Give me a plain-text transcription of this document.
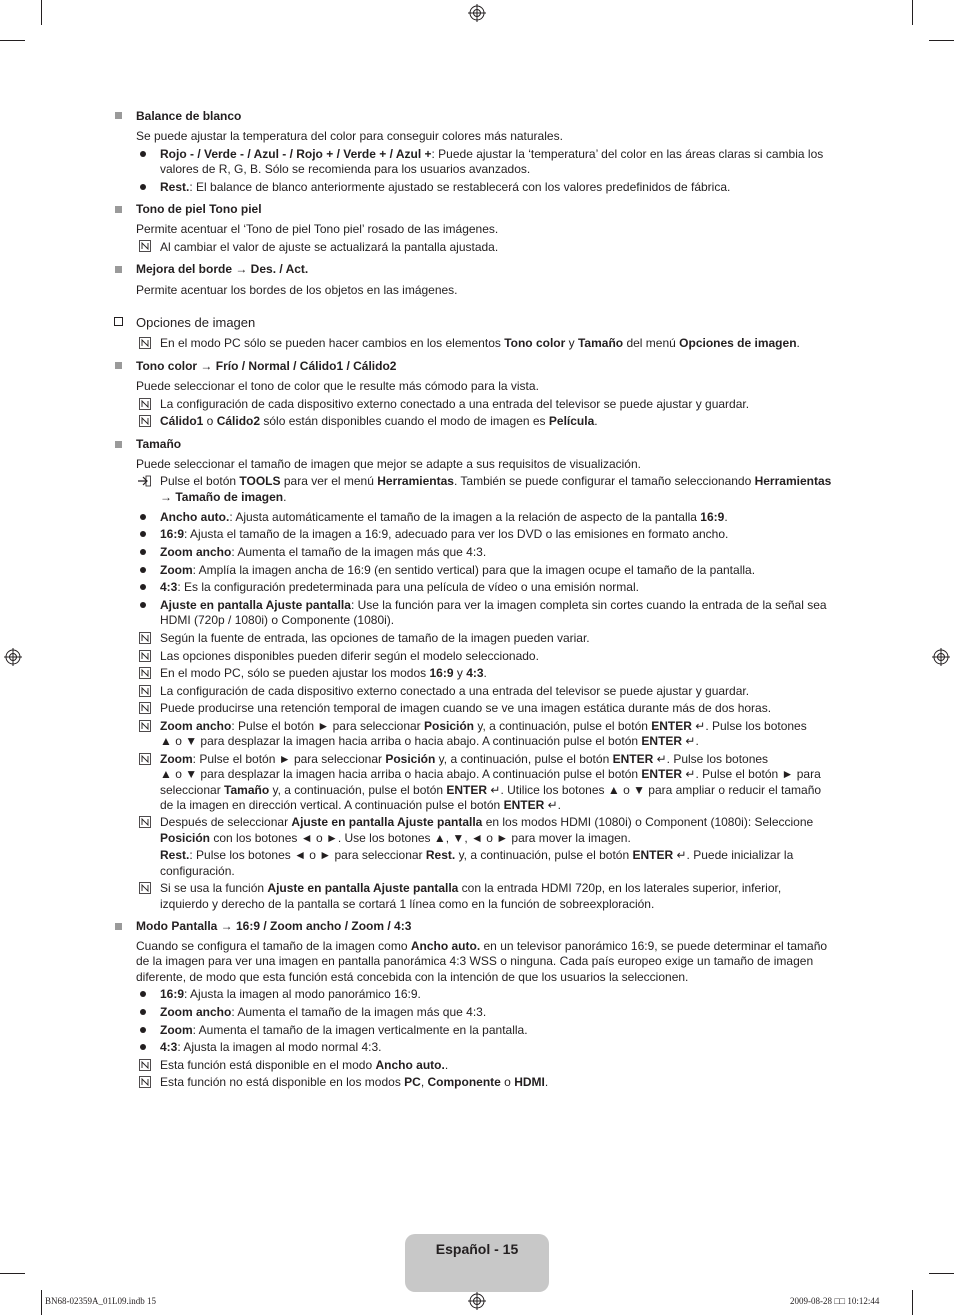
Balance de blanco
Se puede ajustar la temperatura del color para conseguir colores más naturales.
Rojo - / Verde - / Azul - / Rojo + / Verde + / Azul +: Puede ajustar la ‘temperatura’ del color en las áreas claras si cambia los
valores de R, G, B. Sólo se recomienda para los usuarios avanzados.
Rest.: El balance de blanco anteriormente ajustado se restablecerá con los valores predefinidos de fábrica.
Tono de piel Tono piel
Permite acentuar el ‘Tono de piel Tono piel’ rosado de las imágenes.
Al cambiar el valor de ajuste se actualizará la pantalla ajustada.
Mejora del borde → Des. / Act.
Permite acentuar los bordes de los objetos en las imágenes.
Opciones de imagen
En el modo PC sólo se pueden hacer cambios en los elementos Tono color y Tamaño del menú Opciones de imagen.
Tono color → Frío / Normal / Cálido1 / Cálido2
Puede seleccionar el tono de color que le resulte más cómodo para la vista.
La configuración de cada dispositivo externo conectado a una entrada del televisor se puede ajustar y guardar.
Cálido1 o Cálido2 sólo están disponibles cuando el modo de imagen es Película.
Tamaño
Puede seleccionar el tamaño de imagen que mejor se adapte a sus requisitos de visualización.
Pulse el botón TOOLS para ver el menú Herramientas. También se puede configurar el tamaño seleccionando Herramientas
→ Tamaño de imagen.
Ancho auto.: Ajusta automáticamente el tamaño de la imagen a la relación de aspecto de la pantalla 16:9.
16:9: Ajusta el tamaño de la imagen a 16:9, adecuado para ver los DVD o las emisiones en formato ancho.
Zoom ancho: Aumenta el tamaño de la imagen más que 4:3.
Zoom: Amplía la imagen ancha de 16:9 (en sentido vertical) para que la imagen ocupe el tamaño de la pantalla.
4:3: Es la configuración predeterminada para una película de vídeo o una emisión normal.
Ajuste en pantalla Ajuste pantalla: Use la función para ver la imagen completa sin cortes cuando la entrada de la señal sea
HDMI (720p / 1080i) o Componente (1080i).
Según la fuente de entrada, las opciones de tamaño de la imagen pueden variar.
Las opciones disponibles pueden diferir según el modelo seleccionado.
En el modo PC, sólo se pueden ajustar los modos 16:9 y 4:3.
La configuración de cada dispositivo externo conectado a una entrada del televisor se puede ajustar y guardar.
Puede producirse una retención temporal de imagen cuando se ve una imagen estática durante más de dos horas.
Zoom ancho: Pulse el botón ► para seleccionar Posición y, a continuación, pulse el botón ENTER ↵. Pulse los botones
▲ o ▼ para desplazar la imagen hacia arriba o hacia abajo. A continuación pulse el botón ENTER ↵.
Zoom: Pulse el botón ► para seleccionar Posición y, a continuación, pulse el botón ENTER ↵. Pulse los botones
▲ o ▼ para desplazar la imagen hacia arriba o hacia abajo. A continuación pulse el botón ENTER ↵. Pulse el botón ► para
seleccionar Tamaño y, a continuación, pulse el botón ENTER ↵. Utilice los botones ▲ o ▼ para ampliar o reducir el tamaño
de la imagen en dirección vertical. A continuación pulse el botón ENTER ↵.
Después de seleccionar Ajuste en pantalla Ajuste pantalla en los modos HDMI (1080i) o Component (1080i): Seleccione
Posición con los botones ◄ o ►. Use los botones ▲, ▼, ◄ o ► para mover la imagen.
Rest.: Pulse los botones ◄ o ► para seleccionar Rest. y, a continuación, pulse el botón ENTER ↵. Puede inicializar la
configuración.
Si se usa la función Ajuste en pantalla Ajuste pantalla con la entrada HDMI 720p, en los laterales superior, inferior,
izquierdo y derecho de la pantalla se cortará 1 línea como en la función de sobreexploración.
Modo Pantalla → 16:9 / Zoom ancho / Zoom / 4:3
Cuando se configura el tamaño de la imagen como Ancho auto. en un televisor panorámico 16:9, se puede determinar el tamaño
de la imagen para ver una imagen en pantalla panorámica 4:3 WSS o ninguna. Cada país europeo exige un tamaño de imagen
diferente, de modo que esta función está concebida con la intención de que los usuarios la seleccionen.
16:9: Ajusta la imagen al modo panorámico 16:9.
Zoom ancho: Aumenta el tamaño de la imagen más que 4:3.
Zoom: Aumenta el tamaño de la imagen verticalmente en la pantalla.
4:3: Ajusta la imagen al modo normal 4:3.
Esta función está disponible en el modo Ancho auto..
Esta función no está disponible en los modos PC, Componente o HDMI.
Español - 15
BN68-02359A_01L09.indb 15	2009-08-28 □□ 10:12:44
